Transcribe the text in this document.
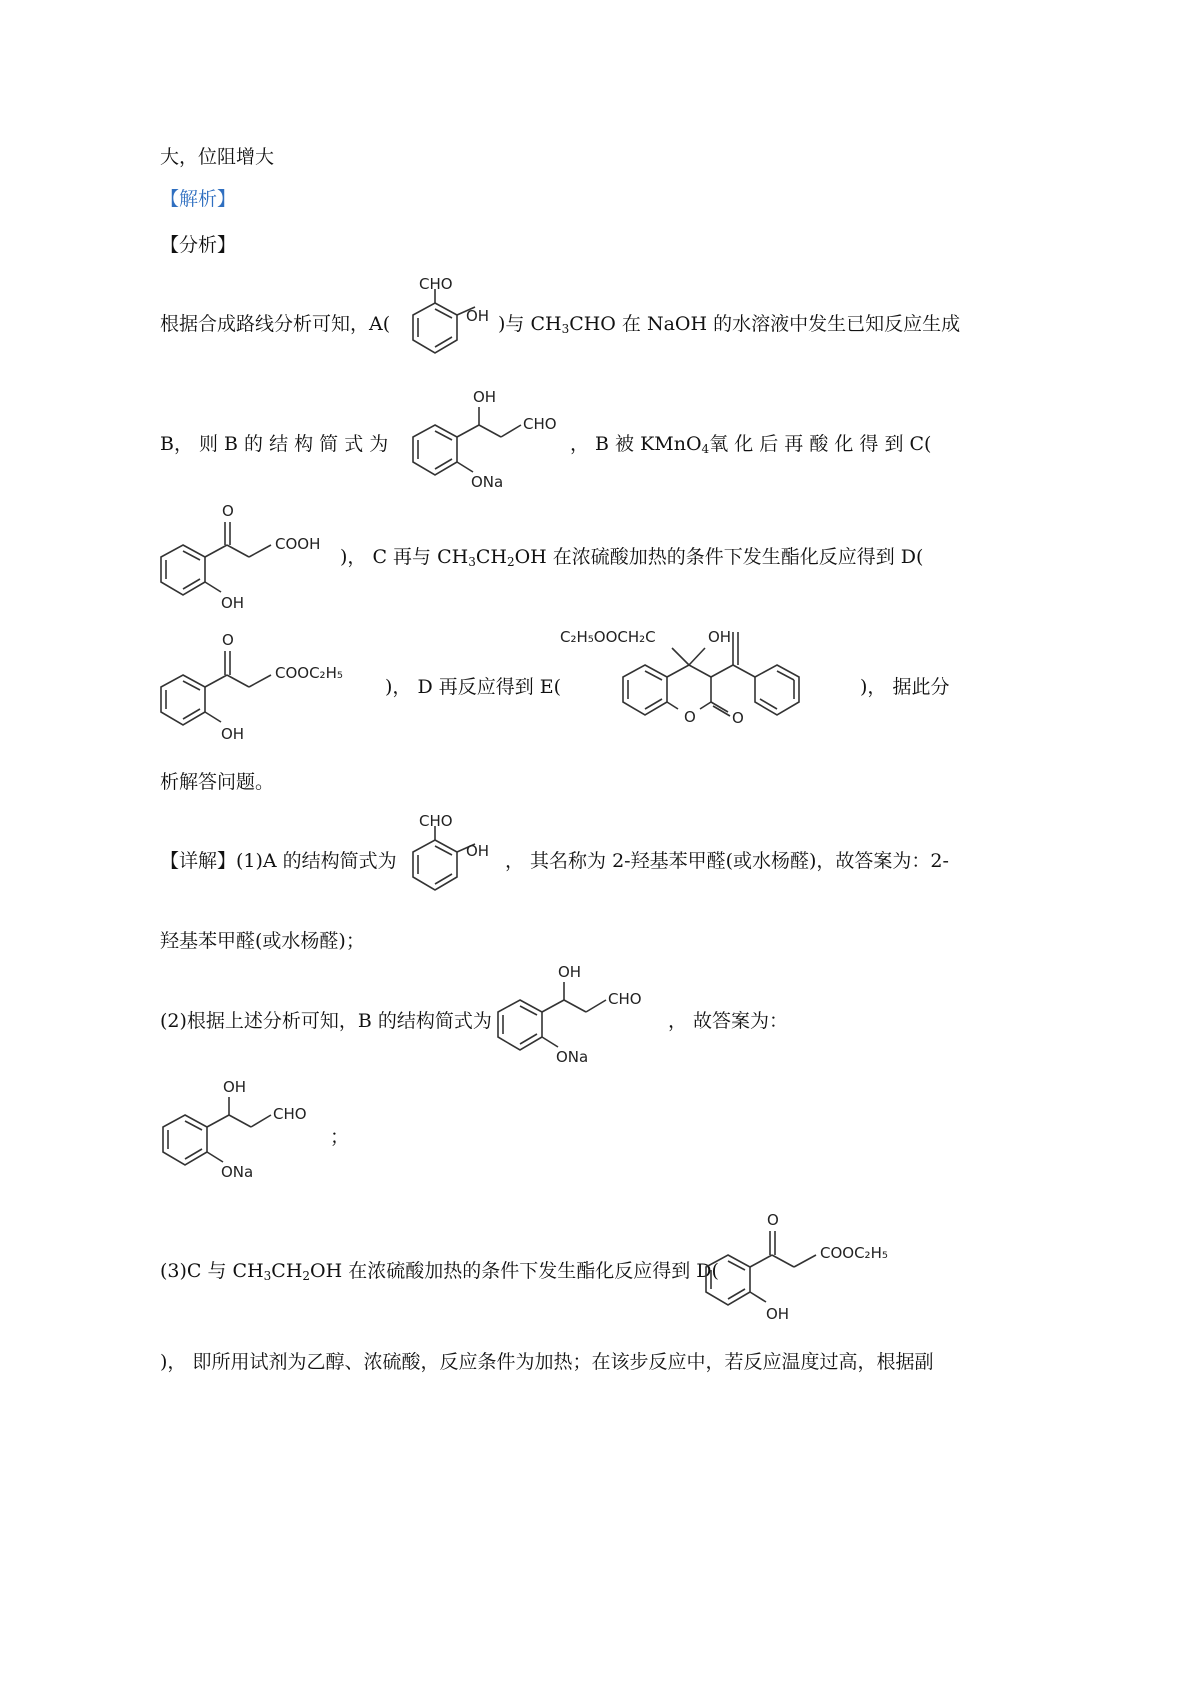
大，位阻增大
【解析】
【分析】
根据合成路线分析可知，A(	)与 $CH_3CHO$ 在 NaOH 的水溶液中发生已知反应生成
CHO
OH
B， 则 B 的 结 构 简 式 为	， B 被 KMnO$_4$氧 化 后 再 酸 化 得 到 C(
OH
CHO
ONa
)， C 再与 $CH_3CH_2OH$ 在浓硫酸加热的条件下发生酯化反应得到 D(
O
COOH
OH
)， D 再反应得到 E(	)， 据此分
O
COOC₂H₅
OH
C₂H₅OOCH₂C	OH
O O
析解答问题。
【详解】(1)A 的结构简式为
CHO
OH ， 其名称为 2-羟基苯甲醛(或水杨醛)，故答案为：2-
羟基苯甲醛(或水杨醛)；
(2)根据上述分析可知，B 的结构简式为
OH
CHO
ONa
， 故答案为：
OH
CHO
ONa
；
(3)C 与 $CH_3CH_2OH$ 在浓硫酸加热的条件下发生酯化反应得到 D(
O
COOC₂H₅
OH
)， 即所用试剂为乙醇、浓硫酸，反应条件为加热；在该步反应中，若反应温度过高，根据副
